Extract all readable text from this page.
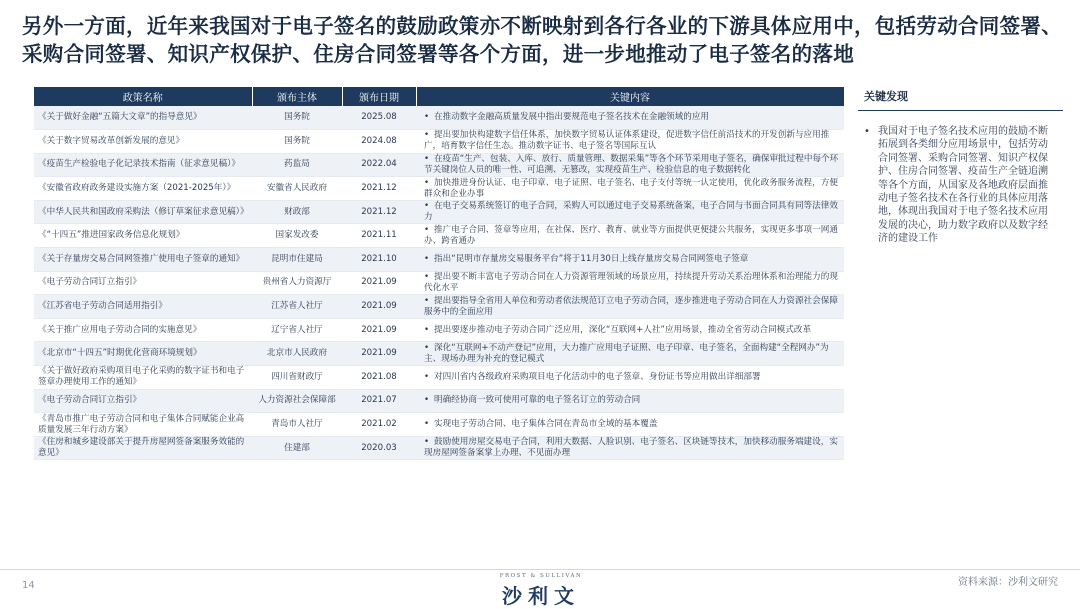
另外一方面，近年来我国对于电子签名的鼓励政策亦不断映射到各行各业的下游具体应用中，包括劳动合同签署、采购合同签署、知识产权保护、住房合同签署等各个方面，进一步地推动了电子签名的落地
政策名称	颁布主体	颁布日期	关键内容
《关于做好金融“五篇大文章”的指导意见》	国务院	2025.08	• 在推动数字金融高质量发展中指出要规范电子签名技术在金融领域的应用
《关于数字贸易改革创新发展的意见》	国务院	2024.08	• 提出要加快构建数字信任体系，加快数字贸易认证体系建设，促进数字信任前沿技术的开发创新与应用推广，培育数字信任生态。推动数字证书、电子签名等国际互认
《疫苗生产检验电子化记录技术指南（征求意见稿）》	药监局	2022.04	• 在疫苗“生产、包装、入库、放行、质量管理、数据采集”等各个环节采用电子签名，确保审批过程中每个环节关键岗位人员的唯一性、可追溯、无篡改，实现疫苗生产、检验信息的电子数据转化
《安徽省政府政务建设实施方案（2021-2025年）》	安徽省人民政府	2021.12	• 加快推进身份认证、电子印章、电子证照、电子签名、电子支付等统一认定使用，优化政务服务流程，方便群众和企业办事
《中华人民共和国政府采购法（修订草案征求意见稿）》	财政部	2021.12	• 在电子交易系统签订的电子合同，采购人可以通过电子交易系统备案，电子合同与书面合同具有同等法律效力
《“十四五”推进国家政务信息化规划》	国家发改委	2021.11	• 推广电子合同、签章等应用，在社保、医疗、教育、就业等方面提供更便捷公共服务，实现更多事项一网通办、跨省通办
《关于存量房交易合同网签推广使用电子签章的通知》	昆明市住建局	2021.10	• 指出“昆明市存量房交易服务平台”将于11月30日上线存量房交易合同网签电子签章
《电子劳动合同订立指引》	贵州省人力资源厅	2021.09	• 提出要不断丰富电子劳动合同在人力资源管理领域的场景应用，持续提升劳动关系治理体系和治理能力的现代化水平
《江苏省电子劳动合同适用指引》	江苏省人社厅	2021.09	• 提出要指导全省用人单位和劳动者依法规范订立电子劳动合同，逐步推进电子劳动合同在人力资源社会保障服务中的全面应用
《关于推广应用电子劳动合同的实施意见》	辽宁省人社厅	2021.09	• 提出要逐步推动电子劳动合同广泛应用，深化“互联网+人社”应用场景，推动全省劳动合同模式改革
《北京市“十四五”时期优化营商环境规划》	北京市人民政府	2021.09	• 深化“互联网+不动产登记”应用，大力推广应用电子证照、电子印章、电子签名，全面构建“全程网办”为主、现场办理为补充的登记模式
《关于做好政府采购项目电子化采购的数字证书和电子签章办理使用工作的通知》	四川省财政厅	2021.08	• 对四川省内各级政府采购项目电子化活动中的电子签章、身份证书等应用做出详细部署
《电子劳动合同订立指引》	人力资源社会保障部	2021.07	• 明确经协商一致可使用可靠的电子签名订立的劳动合同
《青岛市推广电子劳动合同和电子集体合同赋能企业高质量发展三年行动方案》	青岛市人社厅	2021.02	• 实现电子劳动合同、电子集体合同在青岛市全域的基本覆盖
《住房和城乡建设部关于提升房屋网签备案服务效能的意见》	住建部	2020.03	• 鼓励使用房屋交易电子合同，利用大数据、人脸识别、电子签名、区块链等技术，加快移动服务端建设，实现房屋网签备案掌上办理、不见面办理
关键发现
• 我国对于电子签名技术应用的鼓励不断拓展到各类细分应用场景中，包括劳动合同签署、采购合同签署、知识产权保护、住房合同签署、疫苗生产全链追溯等各个方面，从国家及各地政府层面推动电子签名技术在各行业的具体应用落地，体现出我国对于电子签名技术应用发展的决心，助力数字政府以及数字经济的建设工作
14
FROST & SULLIVAN
沙利文
资料来源：沙利文研究
